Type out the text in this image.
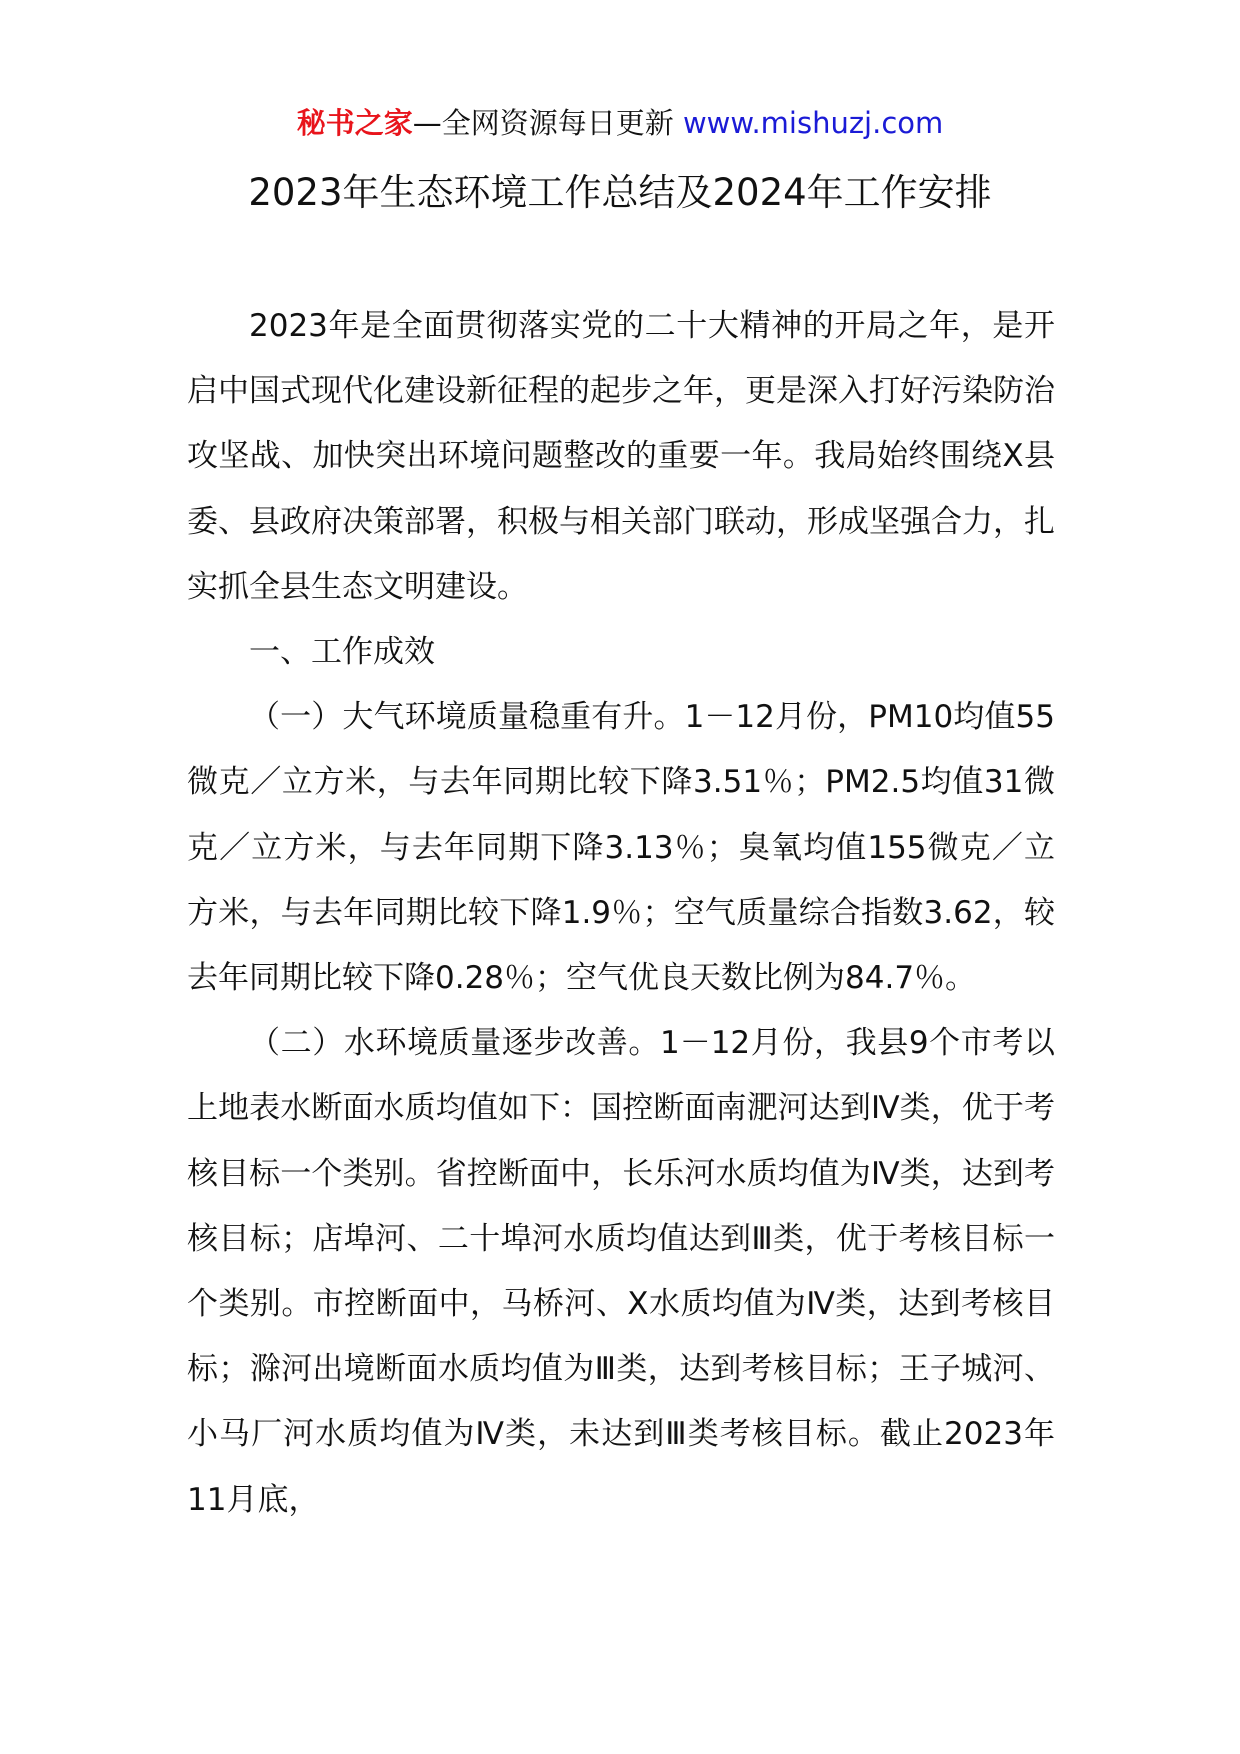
秘书之家—全网资源每日更新 www.mishuzj.com
2023年生态环境工作总结及2024年工作安排

2023年是全面贯彻落实党的二十大精神的开局之年，是开启中国式现代化建设新征程的起步之年，更是深入打好污染防治攻坚战、加快突出环境问题整改的重要一年。我局始终围绕X县委、县政府决策部署，积极与相关部门联动，形成坚强合力，扎实抓全县生态文明建设。

一、工作成效

（一）大气环境质量稳重有升。1－12月份，PM10均值55微克／立方米，与去年同期比较下降3.51％；PM2.5均值31微克／立方米，与去年同期下降3.13％；臭氧均值155微克／立方米，与去年同期比较下降1.9％；空气质量综合指数3.62，较去年同期比较下降0.28％；空气优良天数比例为84.7％。

（二）水环境质量逐步改善。1－12月份，我县9个市考以上地表水断面水质均值如下：国控断面南淝河达到Ⅳ类，优于考核目标一个类别。省控断面中，长乐河水质均值为Ⅳ类，达到考核目标；店埠河、二十埠河水质均值达到Ⅲ类，优于考核目标一个类别。市控断面中，马桥河、X水质均值为Ⅳ类，达到考核目标；滁河出境断面水质均值为Ⅲ类，达到考核目标；王子城河、小马厂河水质均值为Ⅳ类，未达到Ⅲ类考核目标。截止2023年11月底，
